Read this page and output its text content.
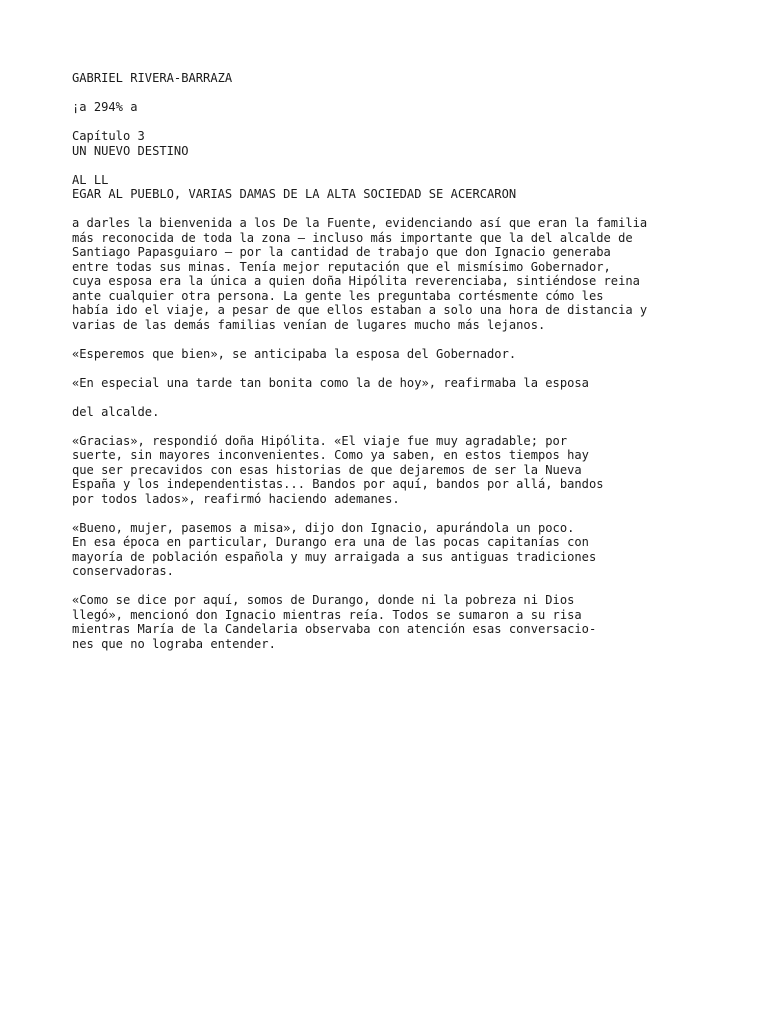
GABRIEL RIVERA-BARRAZA
¡a 294% a
Capítulo 3
UN NUEVO DESTINO
AL LL
EGAR AL PUEBLO, VARIAS DAMAS DE LA ALTA SOCIEDAD SE ACERCARON
a darles la bienvenida a los De la Fuente, evidenciando así que eran la familia
más reconocida de toda la zona — incluso más importante que la del alcalde de
Santiago Papasguiaro — por la cantidad de trabajo que don Ignacio generaba
entre todas sus minas. Tenía mejor reputación que el mismísimo Gobernador,
cuya esposa era la única a quien doña Hipólita reverenciaba, sintiéndose reina
ante cualquier otra persona. La gente les preguntaba cortésmente cómo les
había ido el viaje, a pesar de que ellos estaban a solo una hora de distancia y
varias de las demás familias venían de lugares mucho más lejanos.
«Esperemos que bien», se anticipaba la esposa del Gobernador.
«En especial una tarde tan bonita como la de hoy», reafirmaba la esposa
del alcalde.
«Gracias», respondió doña Hipólita. «El viaje fue muy agradable; por
suerte, sin mayores inconvenientes. Como ya saben, en estos tiempos hay
que ser precavidos con esas historias de que dejaremos de ser la Nueva
España y los independentistas... Bandos por aquí, bandos por allá, bandos
por todos lados», reafirmó haciendo ademanes.
«Bueno, mujer, pasemos a misa», dijo don Ignacio, apurándola un poco.
En esa época en particular, Durango era una de las pocas capitanías con
mayoría de población española y muy arraigada a sus antiguas tradiciones
conservadoras.
«Como se dice por aquí, somos de Durango, donde ni la pobreza ni Dios
llegó», mencionó don Ignacio mientras reía. Todos se sumaron a su risa
mientras María de la Candelaria observaba con atención esas conversacio-
nes que no lograba entender.
